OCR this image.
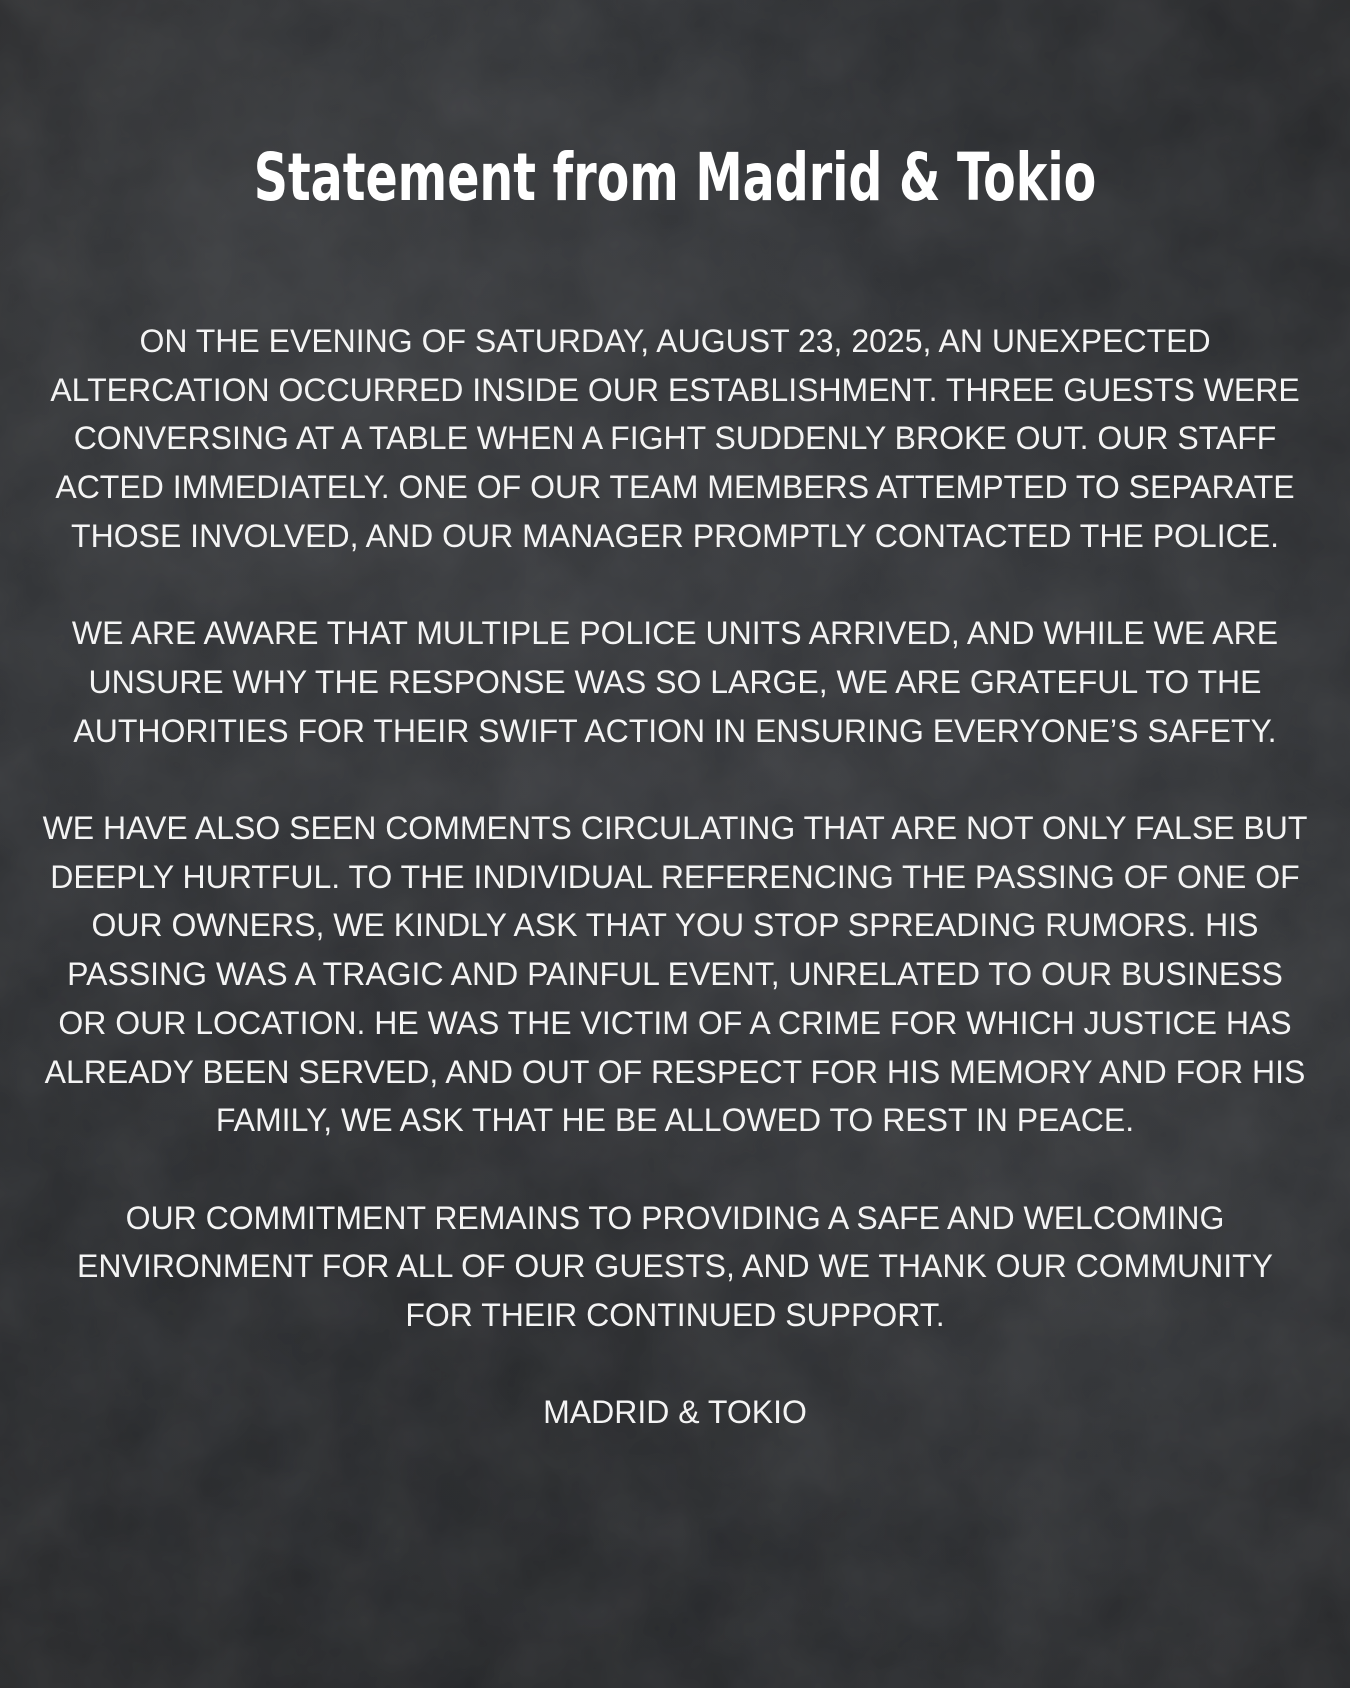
Statement from Madrid & Tokio

ON THE EVENING OF SATURDAY, AUGUST 23, 2025, AN UNEXPECTED ALTERCATION OCCURRED INSIDE OUR ESTABLISHMENT. THREE GUESTS WERE CONVERSING AT A TABLE WHEN A FIGHT SUDDENLY BROKE OUT. OUR STAFF ACTED IMMEDIATELY. ONE OF OUR TEAM MEMBERS ATTEMPTED TO SEPARATE THOSE INVOLVED, AND OUR MANAGER PROMPTLY CONTACTED THE POLICE.

WE ARE AWARE THAT MULTIPLE POLICE UNITS ARRIVED, AND WHILE WE ARE UNSURE WHY THE RESPONSE WAS SO LARGE, WE ARE GRATEFUL TO THE AUTHORITIES FOR THEIR SWIFT ACTION IN ENSURING EVERYONE’S SAFETY.

WE HAVE ALSO SEEN COMMENTS CIRCULATING THAT ARE NOT ONLY FALSE BUT DEEPLY HURTFUL. TO THE INDIVIDUAL REFERENCING THE PASSING OF ONE OF OUR OWNERS, WE KINDLY ASK THAT YOU STOP SPREADING RUMORS. HIS PASSING WAS A TRAGIC AND PAINFUL EVENT, UNRELATED TO OUR BUSINESS OR OUR LOCATION. HE WAS THE VICTIM OF A CRIME FOR WHICH JUSTICE HAS ALREADY BEEN SERVED, AND OUT OF RESPECT FOR HIS MEMORY AND FOR HIS FAMILY, WE ASK THAT HE BE ALLOWED TO REST IN PEACE.

OUR COMMITMENT REMAINS TO PROVIDING A SAFE AND WELCOMING ENVIRONMENT FOR ALL OF OUR GUESTS, AND WE THANK OUR COMMUNITY FOR THEIR CONTINUED SUPPORT.

MADRID & TOKIO
